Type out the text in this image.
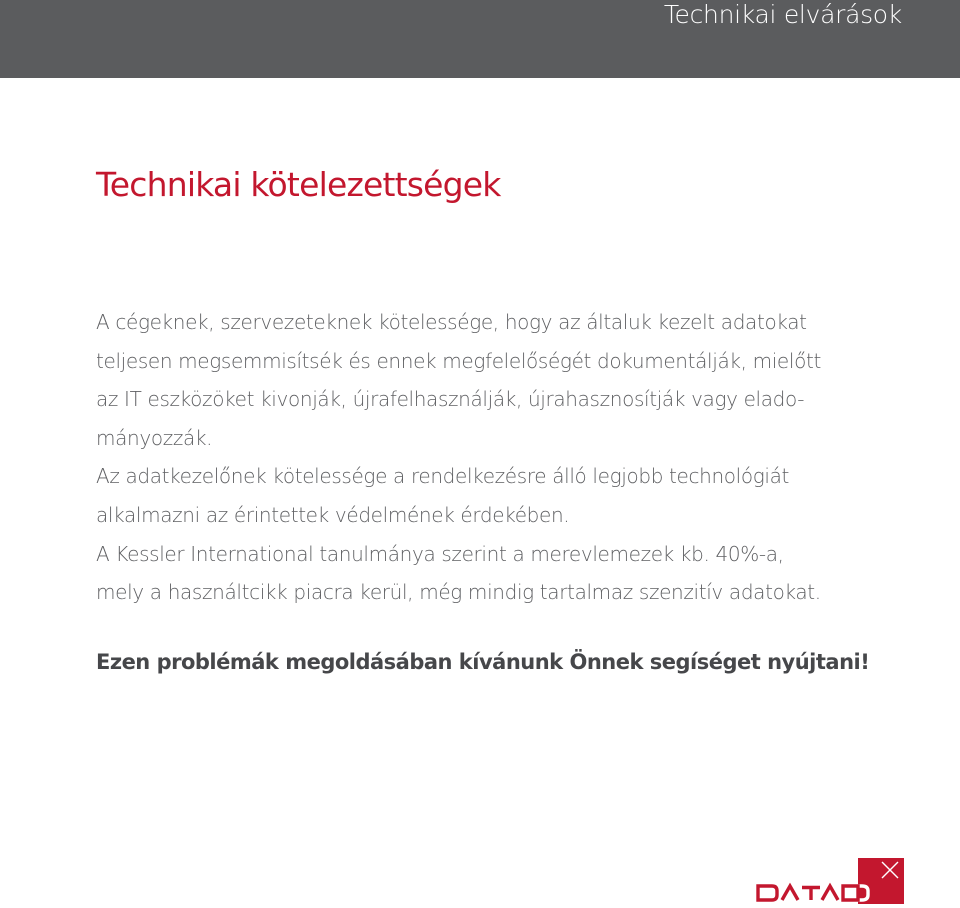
Technikai elvárások
Technikai kötelezettségek
A cégeknek, szervezeteknek kötelessége, hogy az általuk kezelt adatokat
teljesen megsemmisítsék és ennek megfelelőségét dokumentálják, mielőtt
az IT eszközöket kivonják, újrafelhasználják, újrahasznosítják vagy elado-
mányozzák.
Az adatkezelőnek kötelessége a rendelkezésre álló legjobb technológiát
alkalmazni az érintettek védelmének érdekében.
A Kessler International tanulmánya szerint a merevlemezek kb. 40%-a,
mely a használtcikk piacra kerül, még mindig tartalmaz szenzitív adatokat.
Ezen problémák megoldásában kívánunk Önnek segíséget nyújtani!
